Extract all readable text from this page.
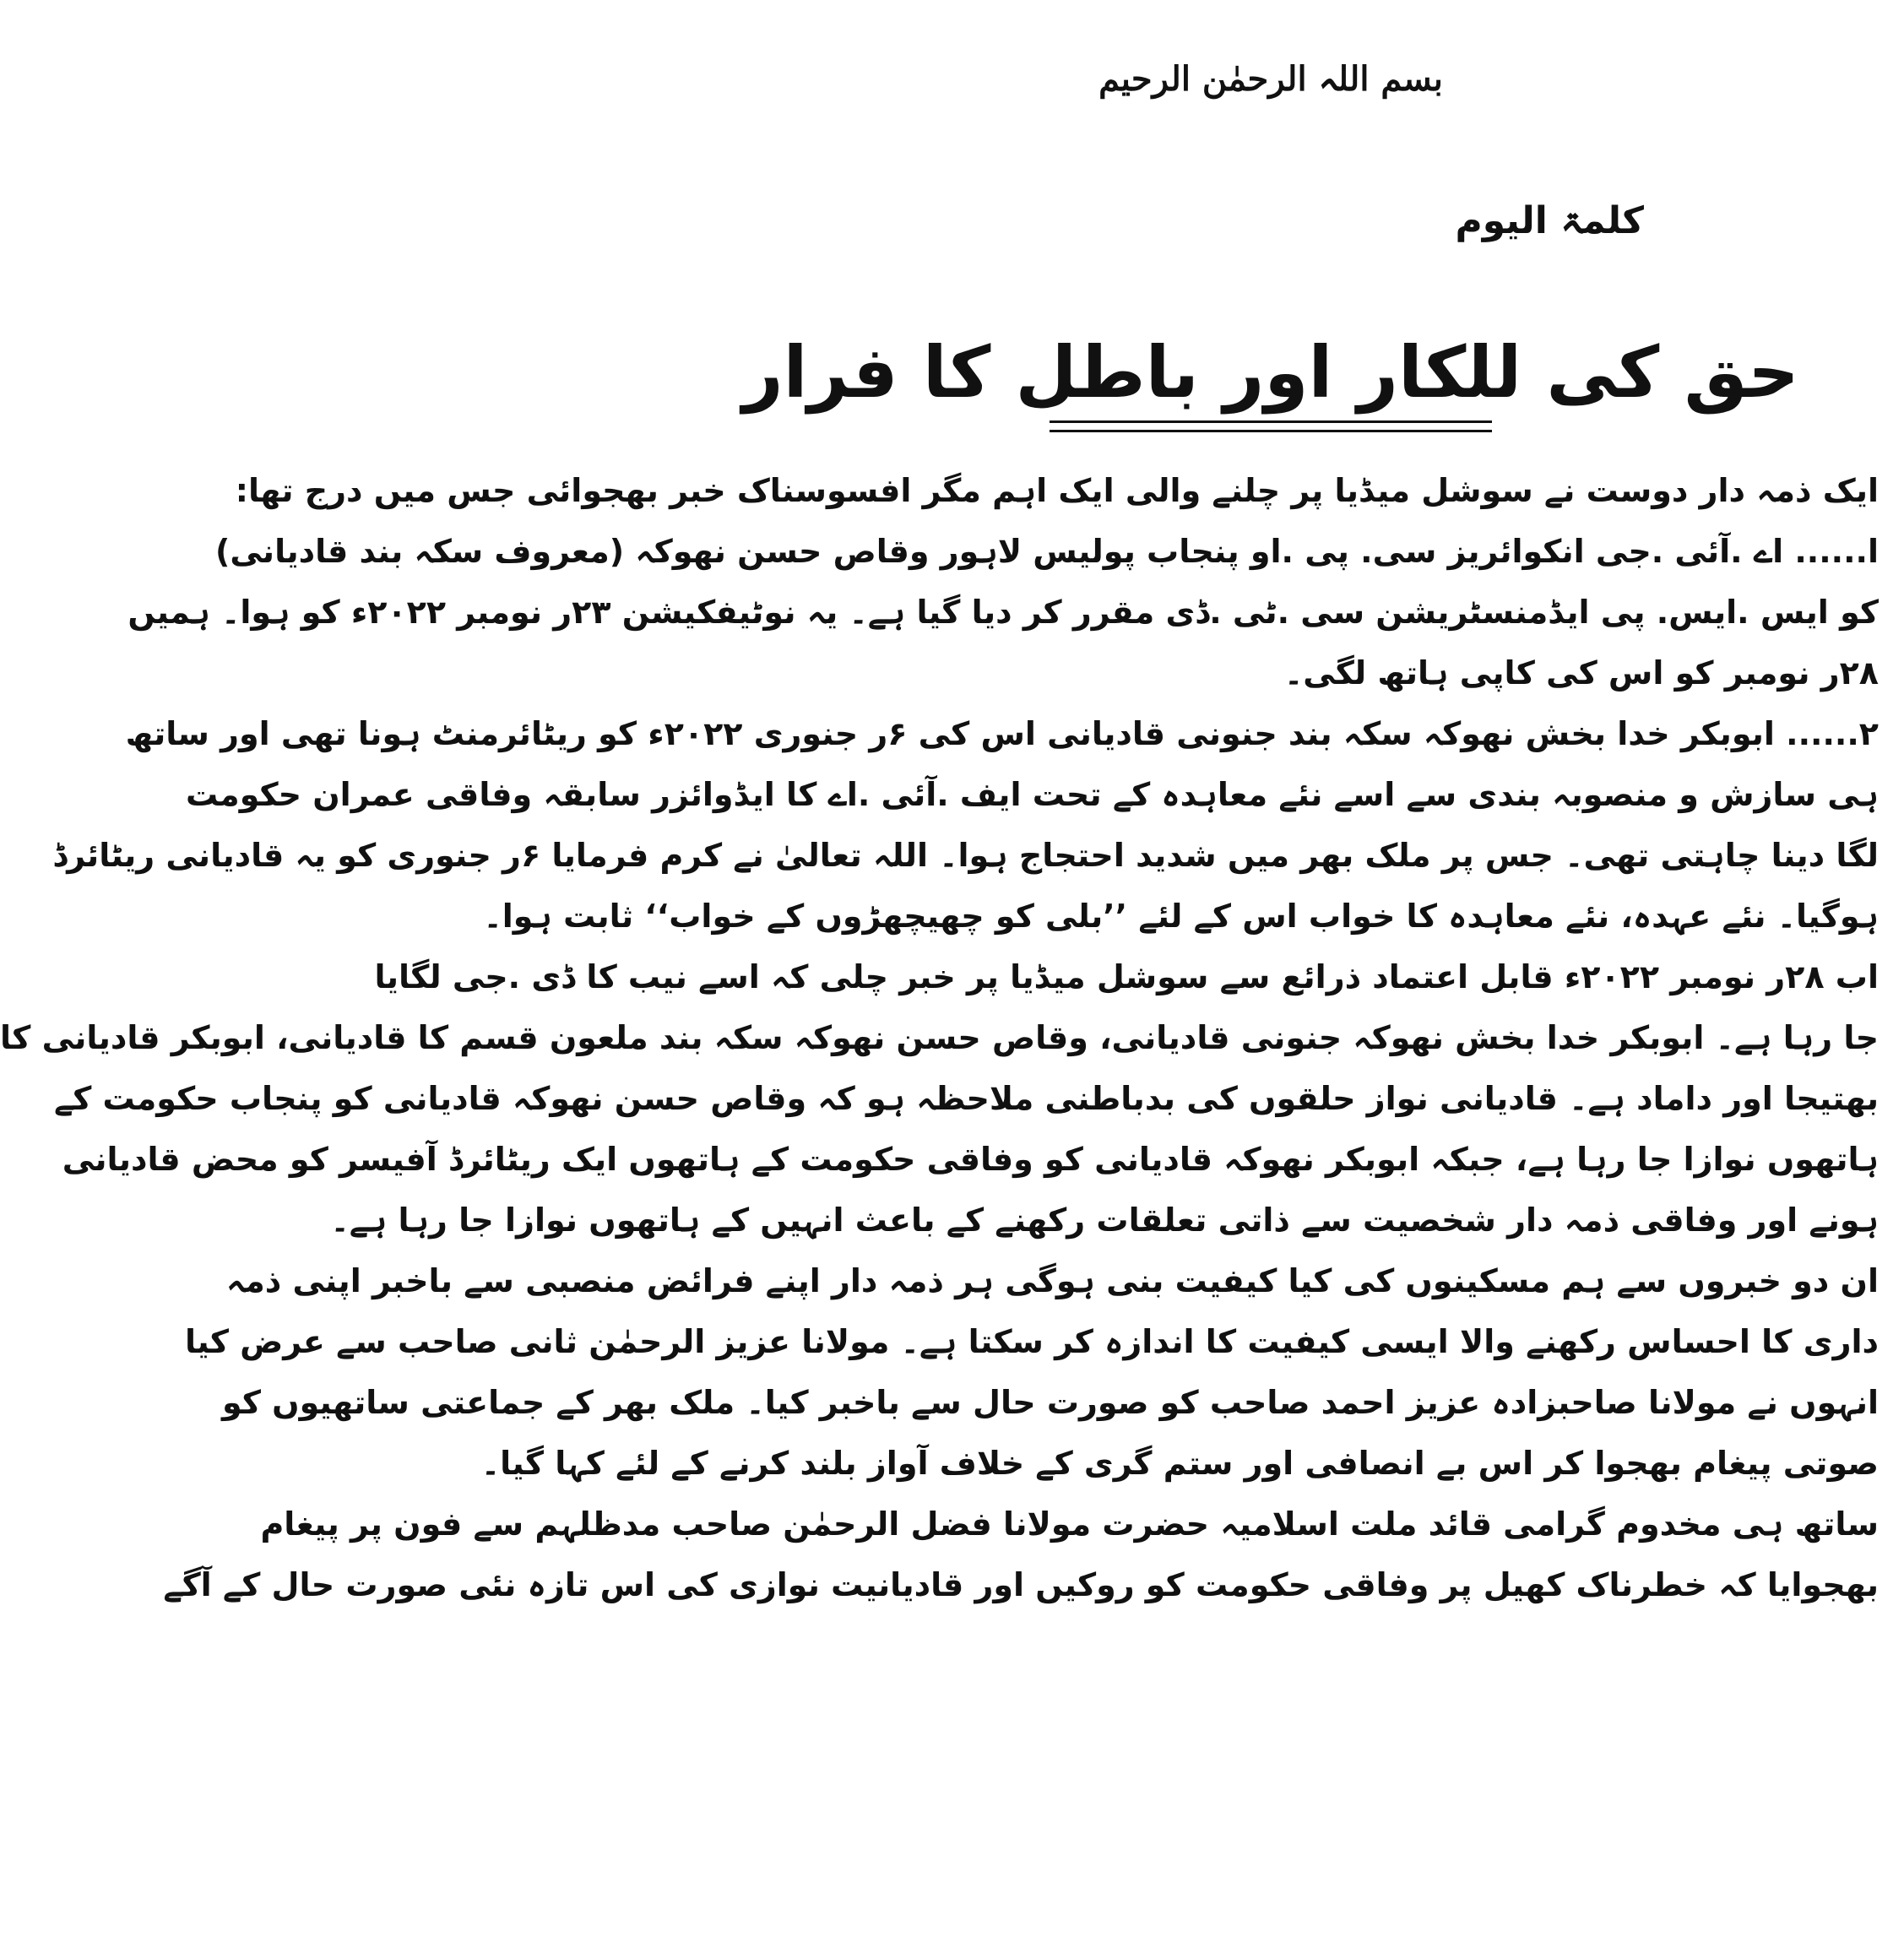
بسم اللہ الرحمٰن الرحیم
کلمۃ الیوم
حق کی للکار اور باطل کا فرار
ایک ذمہ دار دوست نے سوشل میڈیا پر چلنے والی ایک اہم مگر افسوسناک خبر بھجوائی جس میں درج تھا:
ا...... اے .آئی .جی انکوائریز سی. پی .او پنجاب پولیس لاہور وقاص حسن نھوکہ (معروف سکہ بند قادیانی)
کو ایس .ایس. پی ایڈمنسٹریشن سی .ٹی .ڈی مقرر کر دیا گیا ہے۔ یہ نوٹیفکیشن ۲۳ر نومبر ۲۰۲۲ء کو ہوا۔ ہمیں
۲۸ر نومبر کو اس کی کاپی ہاتھ لگی۔
۲...... ابوبکر خدا بخش نھوکہ سکہ بند جنونی قادیانی اس کی ۶ر جنوری ۲۰۲۲ء کو ریٹائرمنٹ ہونا تھی اور ساتھ
ہی سازش و منصوبہ بندی سے اسے نئے معاہدہ کے تحت ایف .آئی .اے کا ایڈوائزر سابقہ وفاقی عمران حکومت
لگا دینا چاہتی تھی۔ جس پر ملک بھر میں شدید احتجاج ہوا۔ اللہ تعالیٰ نے کرم فرمایا ۶ر جنوری کو یہ قادیانی ریٹائرڈ
ہوگیا۔ نئے عہدہ، نئے معاہدہ کا خواب اس کے لئے ’’بلی کو چھیچھڑوں کے خواب‘‘ ثابت ہوا۔
اب ۲۸ر نومبر ۲۰۲۲ء قابل اعتماد ذرائع سے سوشل میڈیا پر خبر چلی کہ اسے نیب کا ڈی .جی لگایا
جا رہا ہے۔ ابوبکر خدا بخش نھوکہ جنونی قادیانی، وقاص حسن نھوکہ سکہ بند ملعون قسم کا قادیانی، ابوبکر قادیانی کا
بھتیجا اور داماد ہے۔ قادیانی نواز حلقوں کی بدباطنی ملاحظہ ہو کہ وقاص حسن نھوکہ قادیانی کو پنجاب حکومت کے
ہاتھوں نوازا جا رہا ہے، جبکہ ابوبکر نھوکہ قادیانی کو وفاقی حکومت کے ہاتھوں ایک ریٹائرڈ آفیسر کو محض قادیانی
ہونے اور وفاقی ذمہ دار شخصیت سے ذاتی تعلقات رکھنے کے باعث انہیں کے ہاتھوں نوازا جا رہا ہے۔
ان دو خبروں سے ہم مسکینوں کی کیا کیفیت بنی ہوگی ہر ذمہ دار اپنے فرائض منصبی سے باخبر اپنی ذمہ
داری کا احساس رکھنے والا ایسی کیفیت کا اندازہ کر سکتا ہے۔ مولانا عزیز الرحمٰن ثانی صاحب سے عرض کیا
انہوں نے مولانا صاحبزادہ عزیز احمد صاحب کو صورت حال سے باخبر کیا۔ ملک بھر کے جماعتی ساتھیوں کو
صوتی پیغام بھجوا کر اس بے انصافی اور ستم گری کے خلاف آواز بلند کرنے کے لئے کہا گیا۔
ساتھ ہی مخدوم گرامی قائد ملت اسلامیہ حضرت مولانا فضل الرحمٰن صاحب مدظلہم سے فون پر پیغام
بھجوایا کہ خطرناک کھیل پر وفاقی حکومت کو روکیں اور قادیانیت نوازی کی اس تازہ نئی صورت حال کے آگے
